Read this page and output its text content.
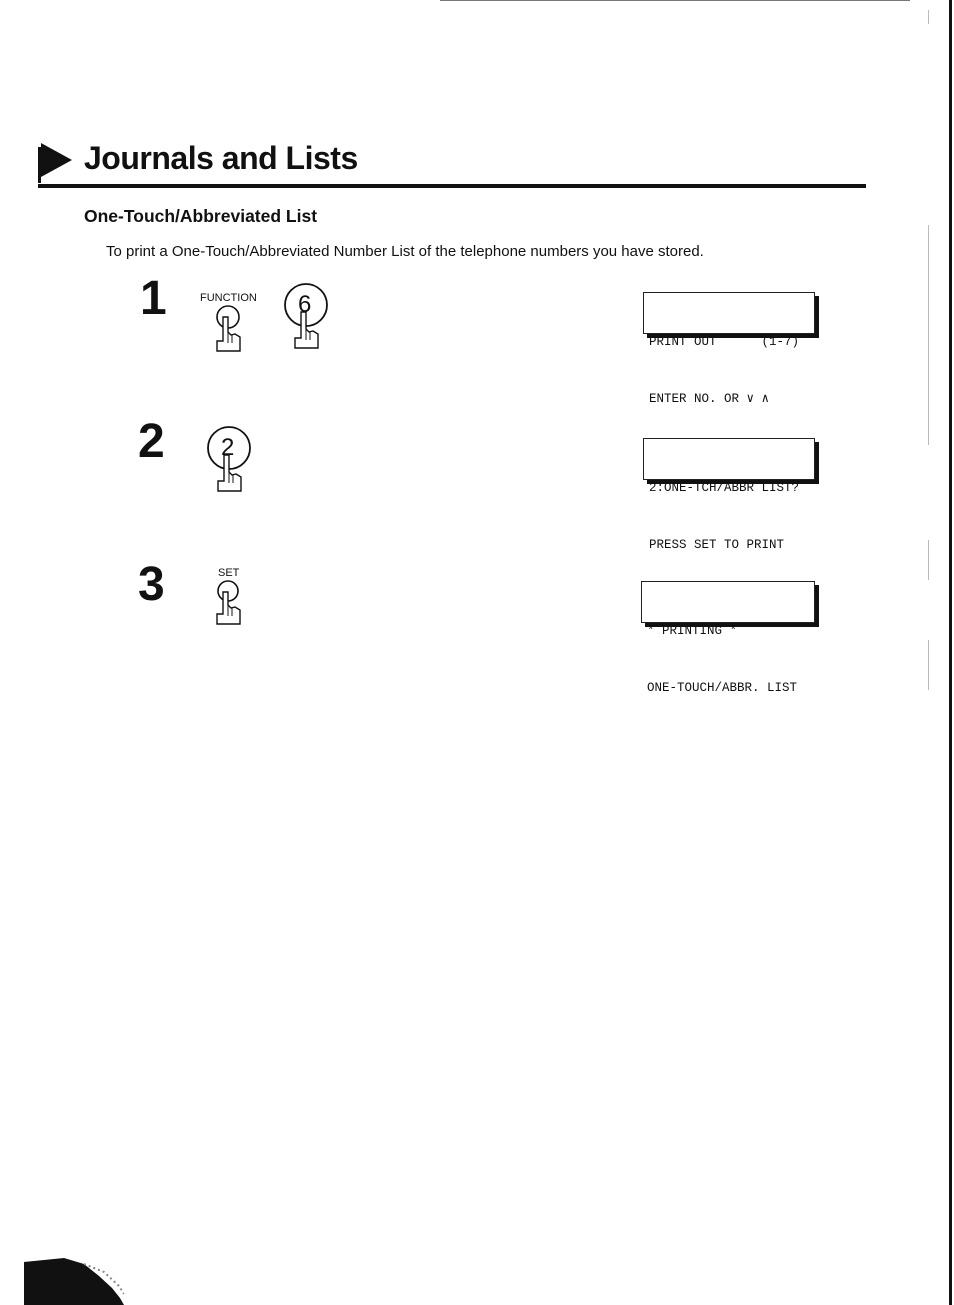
Journals and Lists
One-Touch/Abbreviated List

To print a One-Touch/Abbreviated Number List of the telephone numbers you have stored.

1	FUNCTION 6

PRINT OUT      (1-7)

ENTER NO. OR ∨ ∧

2 2

2:ONE-TCH/ABBR LIST?

PRESS SET TO PRINT

3	SET

* PRINTING *

ONE-TOUCH/ABBR. LIST
